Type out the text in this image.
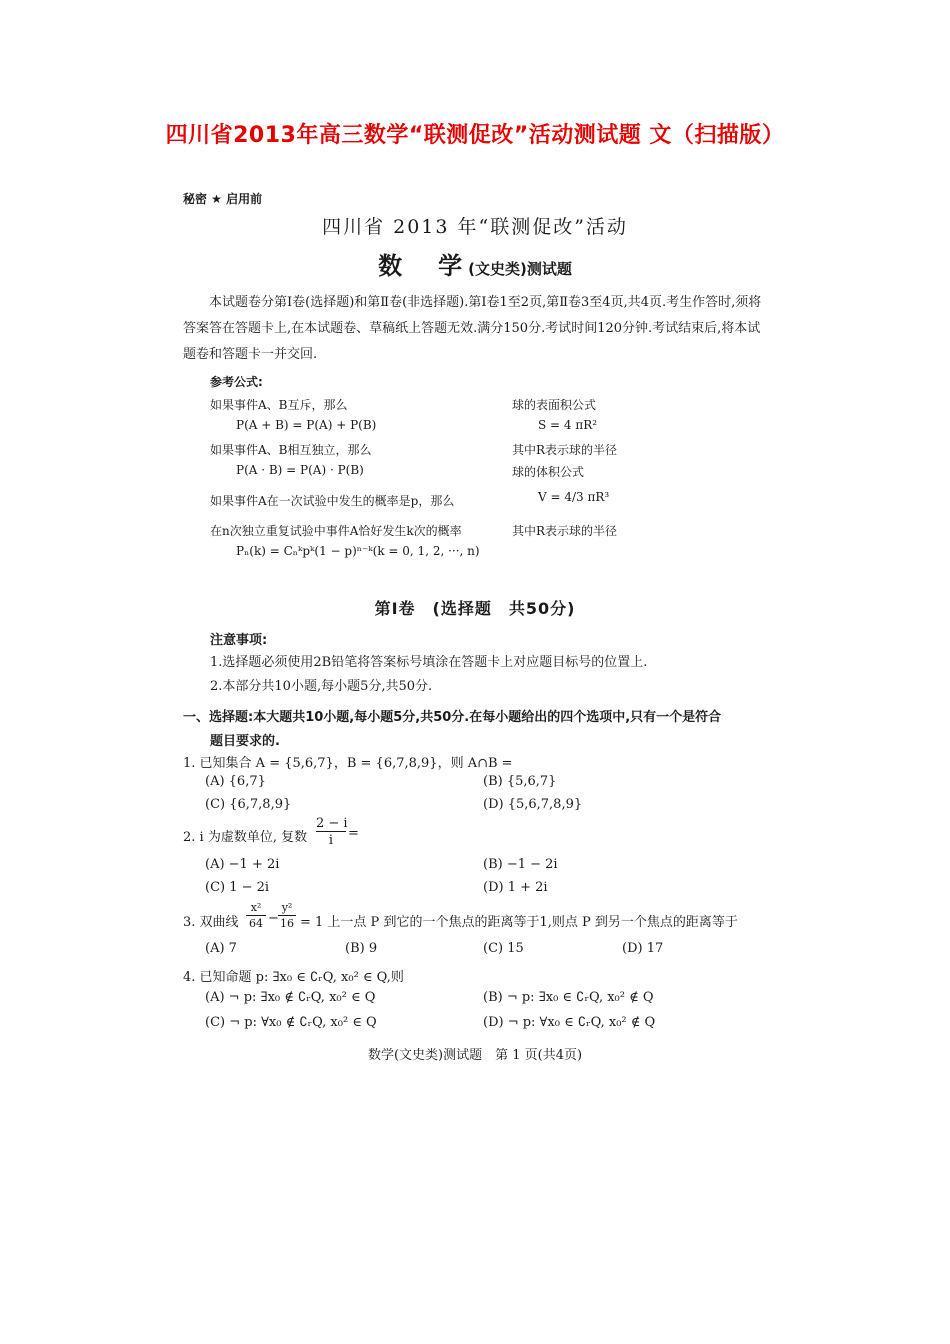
四川省2013年高三数学“联测促改”活动测试题 文（扫描版）
秘密 ★ 启用前
四川省 2013 年“联测促改”活动
数　学(文史类)测试题
本试题卷分第Ⅰ卷(选择题)和第Ⅱ卷(非选择题).第Ⅰ卷1至2页,第Ⅱ卷3至4页,共4页.考生作答时,须将答案答在答题卡上,在本试题卷、草稿纸上答题无效.满分150分.考试时间120分钟.考试结束后,将本试题卷和答题卡一并交回.
参考公式:
如果事件A、B互斥，那么
P(A + B) = P(A) + P(B)
如果事件A、B相互独立，那么
P(A · B) = P(A) · P(B)
如果事件A在一次试验中发生的概率是p，那么
在n次独立重复试验中事件A恰好发生k次的概率
Pₙ(k) = Cₙᵏpᵏ(1 − p)ⁿ⁻ᵏ(k = 0, 1, 2, ···, n)
球的表面积公式
S = 4 πR²
其中R表示球的半径
球的体积公式
V = 4/3 πR³
其中R表示球的半径
第Ⅰ卷　(选择题　共50分)
注意事项:
1.选择题必须使用2B铅笔将答案标号填涂在答题卡上对应题目标号的位置上.
2.本部分共10小题,每小题5分,共50分.
一、选择题:本大题共10小题,每小题5分,共50分.在每小题给出的四个选项中,只有一个是符合
题目要求的.
1. 已知集合 A = {5,6,7}，B = {6,7,8,9}，则 A∩B =
(A) {6,7}	(B) {5,6,7}
(C) {6,7,8,9}	(D) {5,6,7,8,9}
2. i 为虚数单位, 复数
2 − i
i	=
(A) −1 + 2i	(B) −1 − 2i
(C) 1 − 2i	(D) 1 + 2i
3. 双曲线
x²
64 −
y²
16 = 1 上一点 P 到它的一个焦点的距离等于1,则点 P 到另一个焦点的距离等于
(A) 7	(B) 9	(C) 15	(D) 17
4. 已知命题 p: ∃x₀ ∈ ∁ᵣQ, x₀² ∈ Q,则
(A) ¬ p: ∃x₀ ∉ ∁ᵣQ, x₀² ∈ Q	(B) ¬ p: ∃x₀ ∈ ∁ᵣQ, x₀² ∉ Q
(C) ¬ p: ∀x₀ ∉ ∁ᵣQ, x₀² ∈ Q	(D) ¬ p: ∀x₀ ∈ ∁ᵣQ, x₀² ∉ Q
数学(文史类)测试题　第 1 页(共4页)
